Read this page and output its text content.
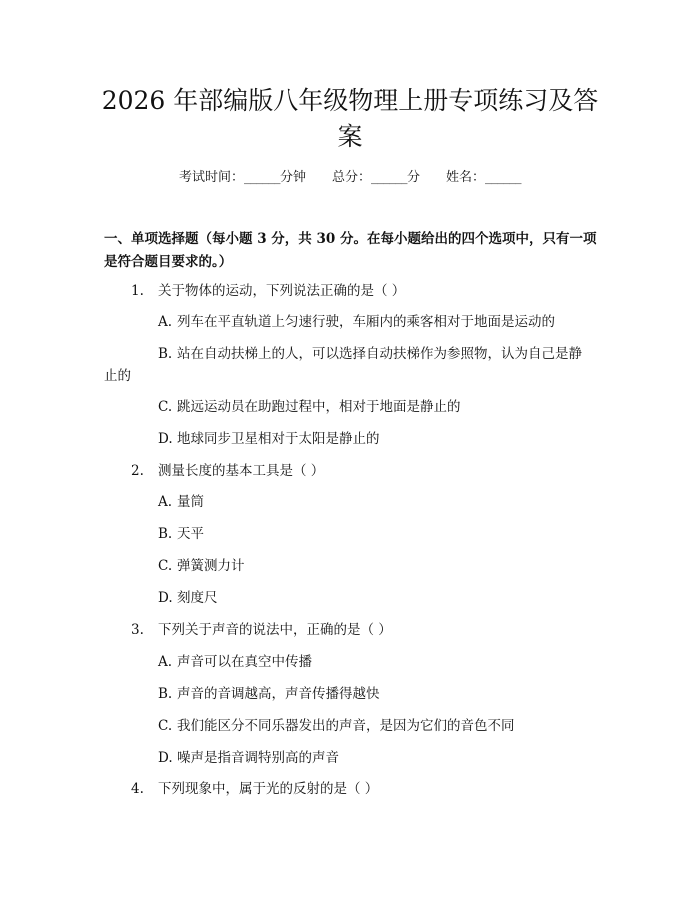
2026 年部编版八年级物理上册专项练习及答
案
考试时间：______分钟 总分：______分 姓名：______
一、单项选择题（每小题 3 分，共 30 分。在每小题给出的四个选项中，只有一项
是符合题目要求的。）
1. 关于物体的运动，下列说法正确的是（ ）
A. 列车在平直轨道上匀速行驶，车厢内的乘客相对于地面是运动的
B. 站在自动扶梯上的人，可以选择自动扶梯作为参照物，认为自己是静
止的
C. 跳远运动员在助跑过程中，相对于地面是静止的
D. 地球同步卫星相对于太阳是静止的
2. 测量长度的基本工具是（ ）
A. 量筒
B. 天平
C. 弹簧测力计
D. 刻度尺
3. 下列关于声音的说法中，正确的是（ ）
A. 声音可以在真空中传播
B. 声音的音调越高，声音传播得越快
C. 我们能区分不同乐器发出的声音，是因为它们的音色不同
D. 噪声是指音调特别高的声音
4. 下列现象中，属于光的反射的是（ ）
